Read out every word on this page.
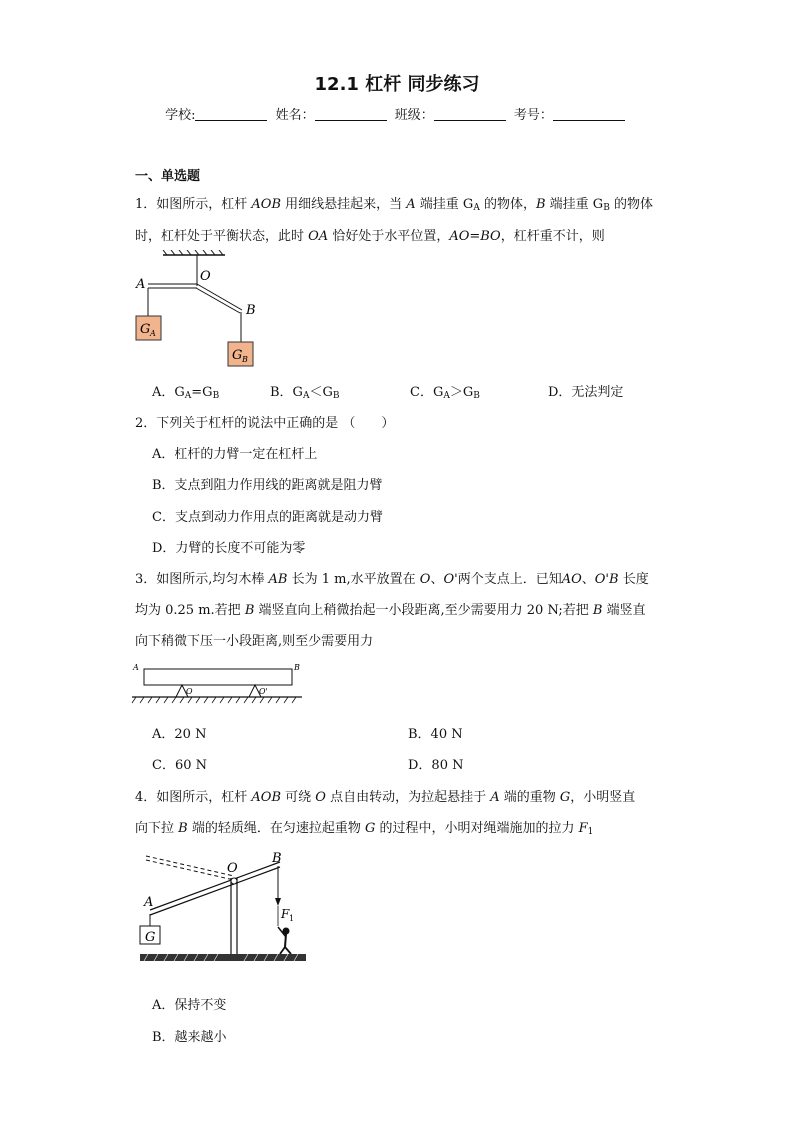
12.1 杠杆 同步练习
学校:	姓名：	班级：	考号：
一、单选题
1．如图所示，杠杆 AOB 用细线悬挂起来，当 A 端挂重 $G_A$ 的物体，B 端挂重 $G_B$ 的物体
时，杠杆处于平衡状态，此时 OA 恰好处于水平位置，AO=BO，杠杆重不计，则
A
O
B
G A
G B
A．$G_A=G_B$	B．$G_A<G_B$	C．$G_A>G_B$	D．无法判定
2．下列关于杠杆的说法中正确的是 （　　）
A．杠杆的力臂一定在杠杆上
B．支点到阻力作用线的距离就是阻力臂
C．支点到动力作用点的距离就是动力臂
D．力臂的长度不可能为零
3．如图所示,均匀木棒 AB 长为 1 m,水平放置在 O、O'两个支点上．已知AO、O'B 长度
均为 0.25 m.若把 B 端竖直向上稍微抬起一小段距离,至少需要用力 20 N;若把 B 端竖直
向下稍微下压一小段距离,则至少需要用力
A	B
O	O'
A．20 N	B．40 N
C．60 N	D．80 N
4．如图所示，杠杆 AOB 可绕 O 点自由转动，为拉起悬挂于 A 端的重物 G，小明竖直
向下拉 B 端的轻质绳．在匀速拉起重物 G 的过程中，小明对绳端施加的拉力 $F_1$
O
B
A
G
F 1
A．保持不变
B．越来越小
